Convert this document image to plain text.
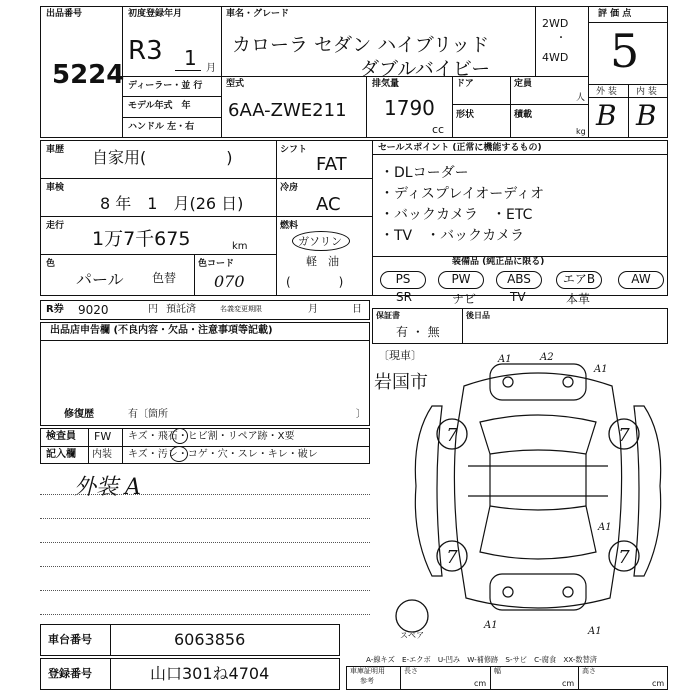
出品番号
5224
初度登録年月
R3 1 月
車名・グレード
カローラ セダン ハイブリッド
ダブルバイビー
2WD
・
4WD
評 価 点
5
外 装 内 装
B B
ディーラー・並 行
モデル年式　年
ハンドル 左・右
型式
6AA-ZWE211
排気量
1790
cc
ドア	定員
人
形状	積載
kg
車歴 自家用(　　　　　)	シフト
FAT
車検
8 年　1　月(26 日)
冷房
AC
走行
1万7千675	km
燃料
ガソリン
軽　油
(　　　　)
色
パール 色替
色コード
070
セールスポイント (正常に機能するもの)
・DLコーダー
・ディスプレイオーディオ
・バックカメラ　・ETC
・TV　・バックカメラ
装備品 (純正品に限る)
PS	PW	ABS	エアB	AW
SR	ナビ	TV	本革
R券 9020	円 預託済	名義変更期限	月	日
出品店申告欄 (不良内容・欠品・注意事項等記載)
修復歴	有〔箇所	〕
保証書
有 ・ 無
後日品
検査員 FW キズ・飛石・ヒビ割・リペア跡・X要
記入欄 内装 キズ・汚レ・コゲ・穴・スレ・キレ・破レ
外装 A
〔現車〕
岩国市
7	7
7	7
A1	A2
A1
A1
A1
A1
スペア
A-線キズ　E-エクボ　U-凹み　W-補修跡　S-サビ　C-腐食　XX-数替済
車台番号	6063856
登録番号	山口301ね4704	車庫証明用
参考
長さ
cm
幅
cm
高さ
cm
